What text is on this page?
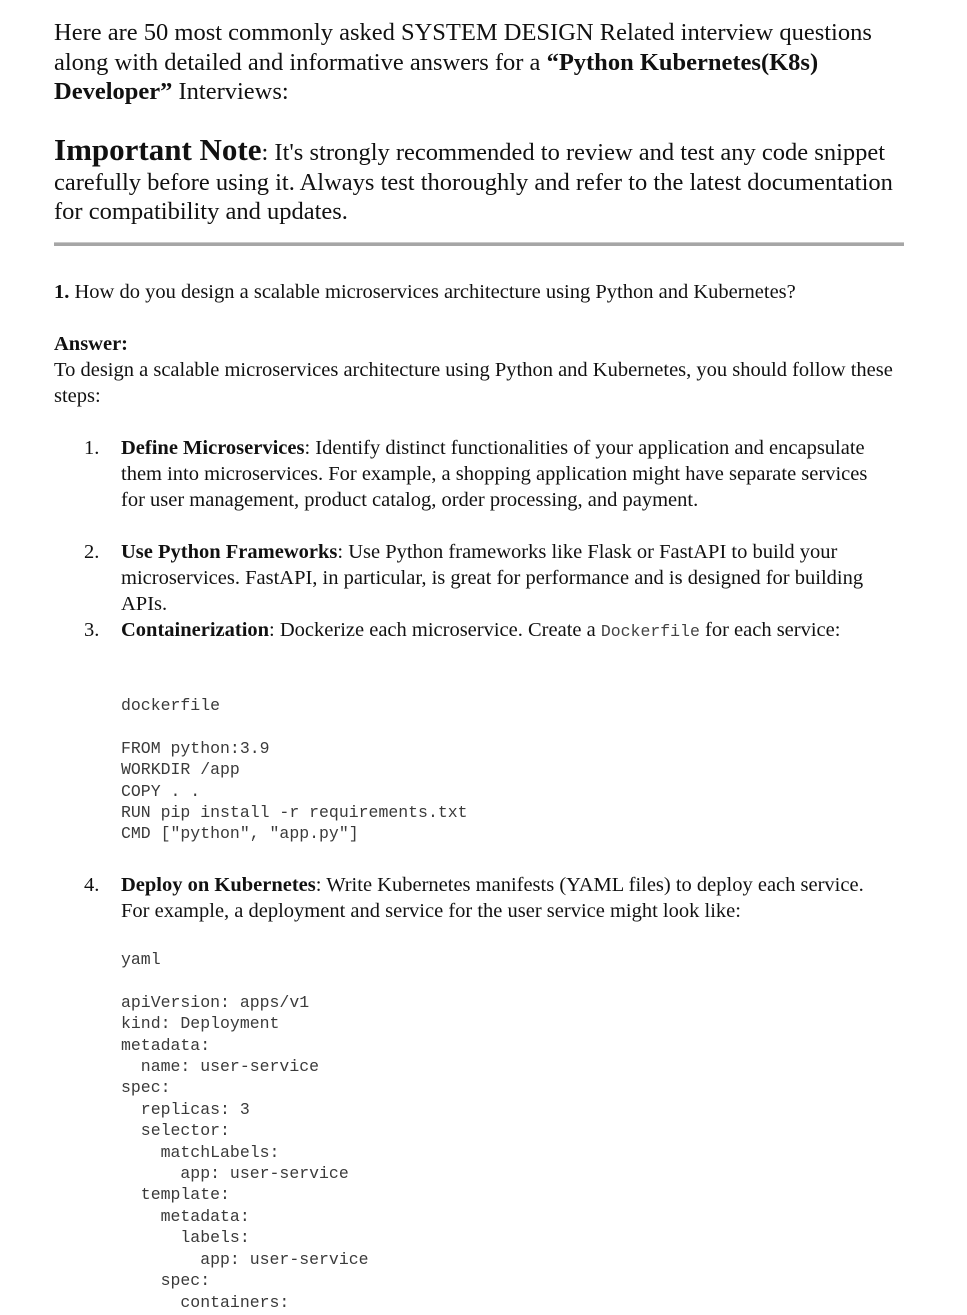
Here are 50 most commonly asked SYSTEM DESIGN Related interview questions along with detailed and informative answers for a “Python Kubernetes(K8s) Developer” Interviews:
Important Note: It's strongly recommended to review and test any code snippet carefully before using it. Always test thoroughly and refer to the latest documentation for compatibility and updates.
1. How do you design a scalable microservices architecture using Python and Kubernetes?
Answer:
To design a scalable microservices architecture using Python and Kubernetes, you should follow these steps:
1. Define Microservices: Identify distinct functionalities of your application and encapsulate them into microservices. For example, a shopping application might have separate services for user management, product catalog, order processing, and payment.
2. Use Python Frameworks: Use Python frameworks like Flask or FastAPI to build your microservices. FastAPI, in particular, is great for performance and is designed for building APIs.
3. Containerization: Dockerize each microservice. Create a Dockerfile for each service:
dockerfile

FROM python:3.9
WORKDIR /app
COPY . .
RUN pip install -r requirements.txt
CMD ["python", "app.py"]
4. Deploy on Kubernetes: Write Kubernetes manifests (YAML files) to deploy each service. For example, a deployment and service for the user service might look like:
yaml

apiVersion: apps/v1
kind: Deployment
metadata:
name: user-service
spec:
replicas: 3
selector:
matchLabels:
app: user-service
template:
metadata:
labels:
app: user-service
spec:
containers:
